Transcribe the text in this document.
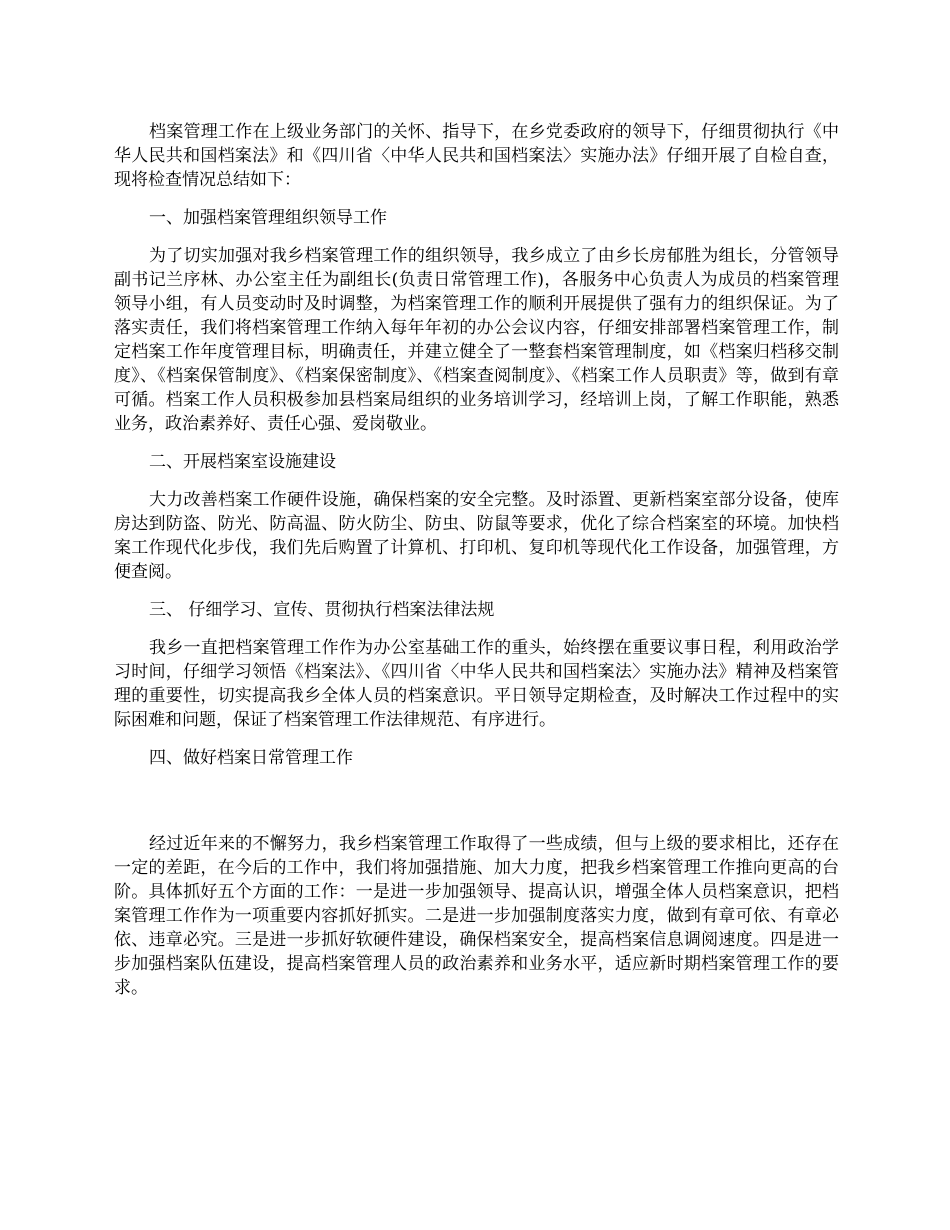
档案管理工作在上级业务部门的关怀、指导下，在乡党委政府的领导下，仔细贯彻执行《中华人民共和国档案法》和《四川省〈中华人民共和国档案法〉实施办法》仔细开展了自检自查，现将检查情况总结如下：

一、加强档案管理组织领导工作

为了切实加强对我乡档案管理工作的组织领导，我乡成立了由乡长房郁胜为组长，分管领导副书记兰序林、办公室主任为副组长(负责日常管理工作)，各服务中心负责人为成员的档案管理领导小组，有人员变动时及时调整，为档案管理工作的顺利开展提供了强有力的组织保证。为了落实责任，我们将档案管理工作纳入每年年初的办公会议内容，仔细安排部署档案管理工作，制定档案工作年度管理目标，明确责任，并建立健全了一整套档案管理制度，如《档案归档移交制度》、《档案保管制度》、《档案保密制度》、《档案查阅制度》、《档案工作人员职责》等，做到有章可循。档案工作人员积极参加县档案局组织的业务培训学习，经培训上岗，了解工作职能，熟悉业务，政治素养好、责任心强、爱岗敬业。

二、开展档案室设施建设

大力改善档案工作硬件设施，确保档案的安全完整。及时添置、更新档案室部分设备，使库房达到防盗、防光、防高温、防火防尘、防虫、防鼠等要求，优化了综合档案室的环境。加快档案工作现代化步伐，我们先后购置了计算机、打印机、复印机等现代化工作设备，加强管理，方便查阅。

三、 仔细学习、宣传、贯彻执行档案法律法规

我乡一直把档案管理工作作为办公室基础工作的重头，始终摆在重要议事日程，利用政治学习时间，仔细学习领悟《档案法》、《四川省〈中华人民共和国档案法〉实施办法》精神及档案管理的重要性，切实提高我乡全体人员的档案意识。平日领导定期检查，及时解决工作过程中的实际困难和问题，保证了档案管理工作法律规范、有序进行。

四、做好档案日常管理工作

经过近年来的不懈努力，我乡档案管理工作取得了一些成绩，但与上级的要求相比，还存在一定的差距，在今后的工作中，我们将加强措施、加大力度，把我乡档案管理工作推向更高的台阶。具体抓好五个方面的工作：一是进一步加强领导、提高认识，增强全体人员档案意识，把档案管理工作作为一项重要内容抓好抓实。二是进一步加强制度落实力度，做到有章可依、有章必依、违章必究。三是进一步抓好软硬件建设，确保档案安全，提高档案信息调阅速度。四是进一步加强档案队伍建设，提高档案管理人员的政治素养和业务水平，适应新时期档案管理工作的要求。
